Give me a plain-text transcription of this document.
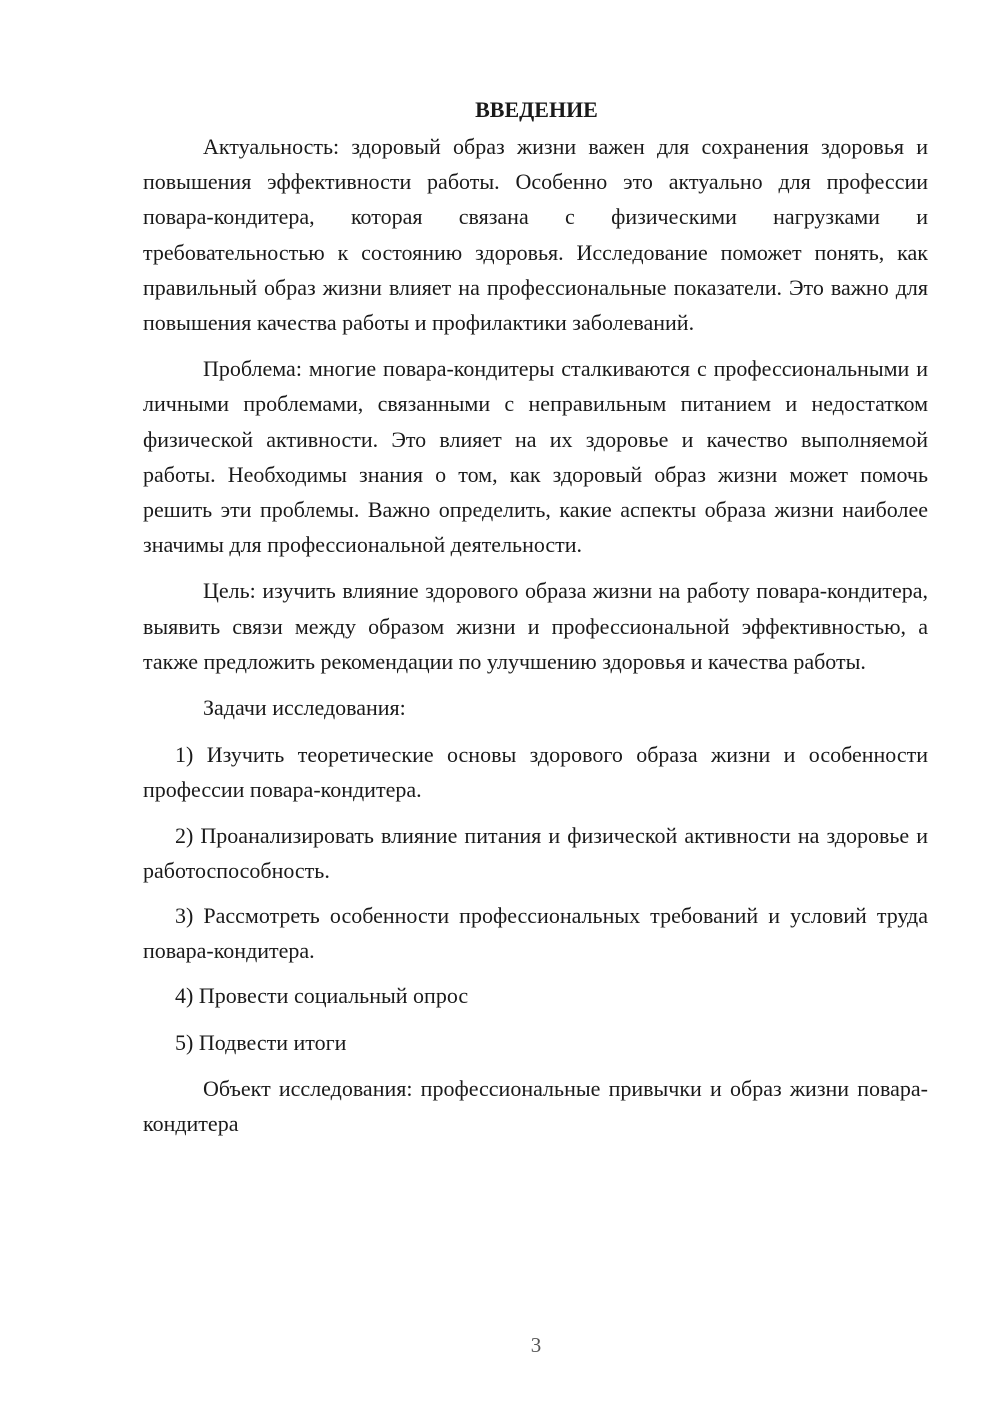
ВВЕДЕНИЕ

Актуальность: здоровый образ жизни важен для сохранения здоровья и повышения эффективности работы. Особенно это актуально для профессии повара-кондитера, которая связана с физическими нагрузками и требовательностью к состоянию здоровья. Исследование поможет понять, как правильный образ жизни влияет на профессиональные показатели. Это важно для повышения качества работы и профилактики заболеваний.

Проблема: многие повара-кондитеры сталкиваются с профессиональными и личными проблемами, связанными с неправильным питанием и недостатком физической активности. Это влияет на их здоровье и качество выполняемой работы. Необходимы знания о том, как здоровый образ жизни может помочь решить эти проблемы. Важно определить, какие аспекты образа жизни наиболее значимы для профессиональной деятельности.

Цель: изучить влияние здорового образа жизни на работу повара-кондитера, выявить связи между образом жизни и профессиональной эффективностью, а также предложить рекомендации по улучшению здоровья и качества работы.

Задачи исследования:

1) Изучить теоретические основы здорового образа жизни и особенности профессии повара-кондитера.

2) Проанализировать влияние питания и физической активности на здоровье и работоспособность.

3) Рассмотреть особенности профессиональных требований и условий труда повара-кондитера.

4) Провести социальный опрос

5) Подвести итоги

Объект исследования: профессиональные привычки и образ жизни повара-кондитера

3
